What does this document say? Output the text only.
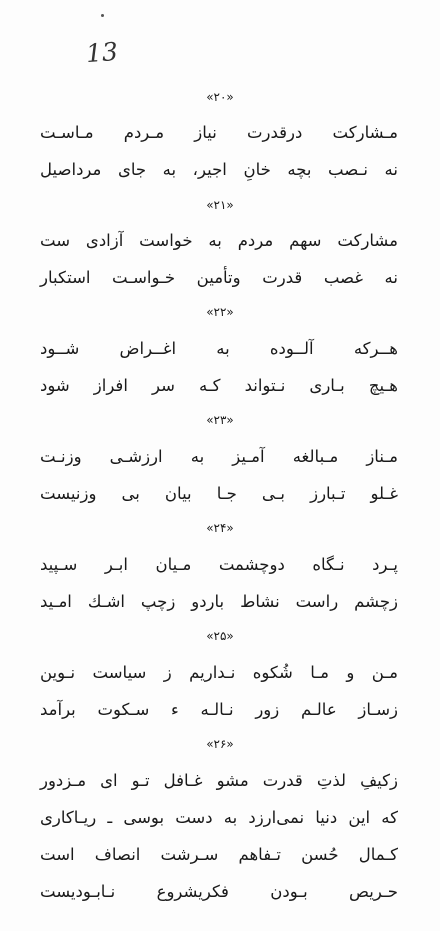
13
«۲۰»
مـشارکت درقدرت نیاز مـردم مـاسـت
نه نـصب بچه خانِ اجیر، به جای مرداصیل
«۲۱»
مشارکت سهم مردم به خواست آزادی ست
نه غصب قدرت وتأمین خـواسـت استکبار
«۲۲»
هــرکه آلــوده به اغــراض شــود
هـیچ بـاری نـتواند کـه سر افراز شود
«۲۳»
مـناز مـبالغه آمـیز به ارزشـی وزنـت
غـلو تـبارز بـی جـا بیان بی وزنیست
«۲۴»
پـرد نـگاه دوچشمت مـیان ابـر سـپید
زچشم راست نشاط باردو زچپ اشـك امـید
«۲۵»
مـن و مـا شُکوه نـداریم ز سیاست نـوین
زسـاز عالـم زور نـالـه ء سـکوت برآمد
«۲۶»
زکیفِ لذتِ قدرت مشو غـافل تـو ای مـزدور
که این دنیا نمی‌ارزد به دست بوسی ـ ریـاکاری
کـمال حُسن تـفاهم سـرشت انصاف است
حـریص بـودن فکریشروع نـابـودیست
